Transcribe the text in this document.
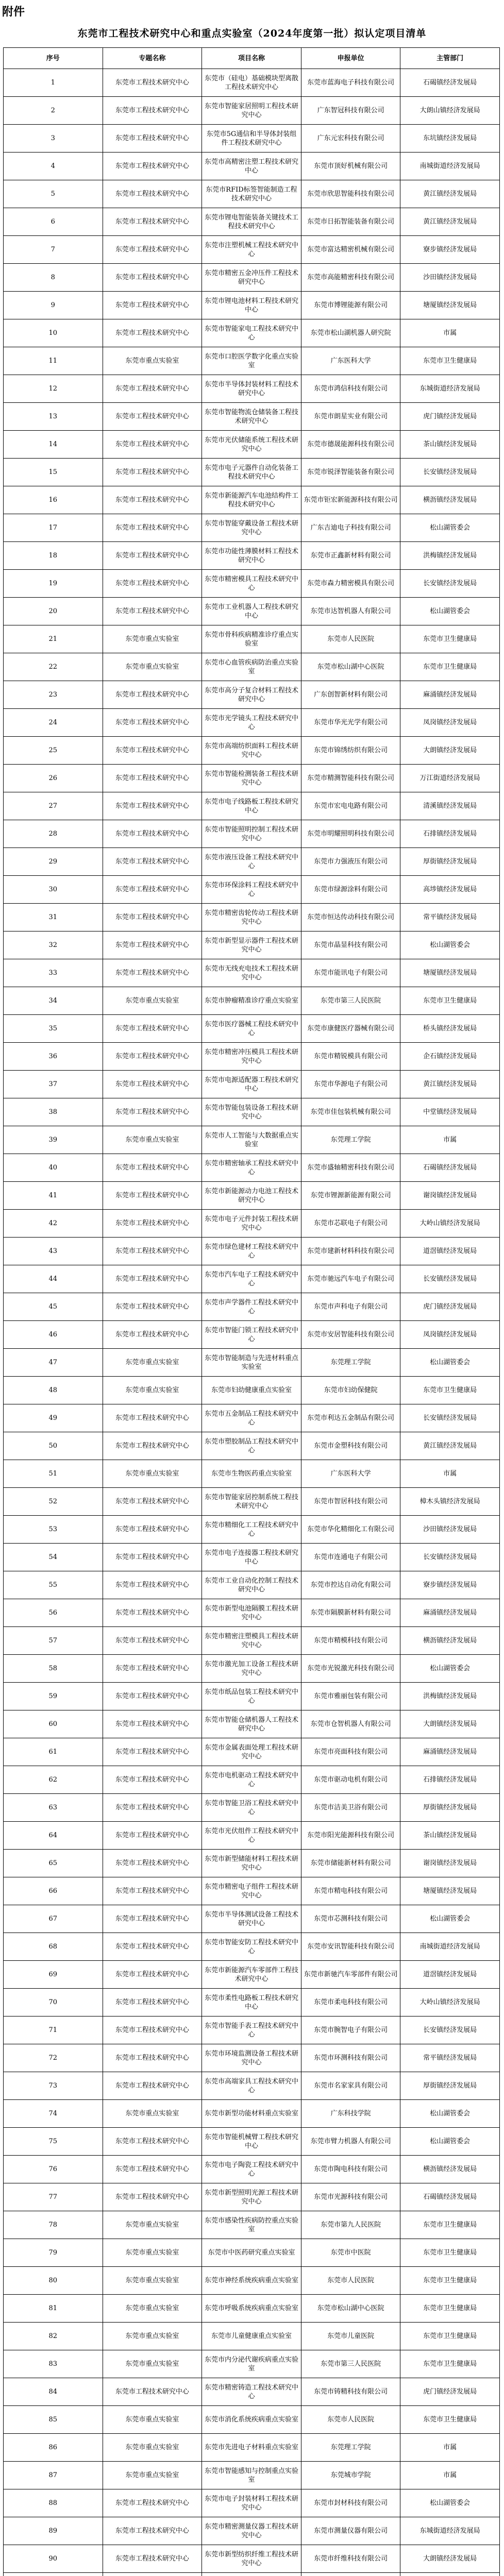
附件
东莞市工程技术研究中心和重点实验室（2024年度第一批）拟认定项目清单
序号	专题名称	项目名称	申报单位	主管部门
1	东莞市工程技术研究中心	东莞市（硅电）基础模块型离散工程技术研究中心	东莞市蓝海电子科技有限公司	石碣镇经济发展局
2	东莞市工程技术研究中心	东莞市智能家居照明工程技术研究中心	广东智冠科技有限公司	大朗山镇经济发展局
3	东莞市工程技术研究中心	东莞市5G通信和半导体封装组件工程技术研究中心	广东元宏科技有限公司	东坑镇经济发展局
4	东莞市工程技术研究中心	东莞市高精密注塑工程技术研究中心	东莞市顶好机械有限公司	南城街道经济发展局
5	东莞市工程技术研究中心	东莞市RFID标签智能制造工程技术研究中心	东莞市欣思智能科技有限公司	黄江镇经济发展局
6	东莞市工程技术研究中心	东莞市锂电智能装备关键技术工程技术研究中心	东莞市日拓智能装备有限公司	黄江镇经济发展局
7	东莞市工程技术研究中心	东莞市注塑机械工程技术研究中心	东莞市富达精密机械有限公司	寮步镇经济发展局
8	东莞市工程技术研究中心	东莞市精密五金冲压件工程技术研究中心	东莞市高能精密科技有限公司	沙田镇经济发展局
9	东莞市工程技术研究中心	东莞市锂电池材料工程技术研究中心	东莞市博锂能源有限公司	塘厦镇经济发展局
10	东莞市工程技术研究中心	东莞市智能家电工程技术研究中心	东莞市松山湖机器人研究院	市属
11	东莞市重点实验室	东莞市口腔医学数字化重点实验室	广东医科大学	东莞市卫生健康局
12	东莞市工程技术研究中心	东莞市半导体封装材料工程技术研究中心	东莞市鸿信科技有限公司	东城街道经济发展局
13	东莞市工程技术研究中心	东莞市智能物流仓储装备工程技术研究中心	东莞市朗星实业有限公司	虎门镇经济发展局
14	东莞市工程技术研究中心	东莞市光伏储能系统工程技术研究中心	东莞市德晟能源科技有限公司	茶山镇经济发展局
15	东莞市工程技术研究中心	东莞市电子元器件自动化装备工程技术研究中心	东莞市锐泽智能装备有限公司	长安镇经济发展局
16	东莞市工程技术研究中心	东莞市新能源汽车电池结构件工程技术研究中心	东莞市钜宏新能源科技有限公司	横沥镇经济发展局
17	东莞市工程技术研究中心	东莞市智能穿戴设备工程技术研究中心	广东吉迪电子科技有限公司	松山湖管委会
18	东莞市工程技术研究中心	东莞市功能性薄膜材料工程技术研究中心	东莞市正鑫新材料有限公司	洪梅镇经济发展局
19	东莞市工程技术研究中心	东莞市精密模具工程技术研究中心	东莞市森力精密模具有限公司	长安镇经济发展局
20	东莞市工程技术研究中心	东莞市工业机器人工程技术研究中心	东莞市达智机器人有限公司	松山湖管委会
21	东莞市重点实验室	东莞市骨科疾病精准诊疗重点实验室	东莞市人民医院	东莞市卫生健康局
22	东莞市重点实验室	东莞市心血管疾病防治重点实验室	东莞市松山湖中心医院	东莞市卫生健康局
23	东莞市工程技术研究中心	东莞市高分子复合材料工程技术研究中心	广东创智新材料有限公司	麻涌镇经济发展局
24	东莞市工程技术研究中心	东莞市光学镜头工程技术研究中心	东莞市华光光学有限公司	凤岗镇经济发展局
25	东莞市工程技术研究中心	东莞市高端纺织面料工程技术研究中心	东莞市锦绣纺织有限公司	大朗镇经济发展局
26	东莞市工程技术研究中心	东莞市智能检测装备工程技术研究中心	东莞市精测智能科技有限公司	万江街道经济发展局
27	东莞市工程技术研究中心	东莞市电子线路板工程技术研究中心	东莞市宏电电路有限公司	清溪镇经济发展局
28	东莞市工程技术研究中心	东莞市智能照明控制工程技术研究中心	东莞市明耀照明科技有限公司	石排镇经济发展局
29	东莞市工程技术研究中心	东莞市液压设备工程技术研究中心	东莞市力强液压有限公司	厚街镇经济发展局
30	东莞市工程技术研究中心	东莞市环保涂料工程技术研究中心	东莞市绿源涂料有限公司	高埗镇经济发展局
31	东莞市工程技术研究中心	东莞市精密齿轮传动工程技术研究中心	东莞市恒达传动科技有限公司	常平镇经济发展局
32	东莞市工程技术研究中心	东莞市新型显示器件工程技术研究中心	东莞市晶显科技有限公司	松山湖管委会
33	东莞市工程技术研究中心	东莞市无线充电技术工程技术研究中心	东莞市能讯电子有限公司	塘厦镇经济发展局
34	东莞市重点实验室	东莞市肿瘤精准诊疗重点实验室	东莞市第三人民医院	东莞市卫生健康局
35	东莞市工程技术研究中心	东莞市医疗器械工程技术研究中心	东莞市康健医疗器械有限公司	桥头镇经济发展局
36	东莞市工程技术研究中心	东莞市精密冲压模具工程技术研究中心	东莞市精锐模具有限公司	企石镇经济发展局
37	东莞市工程技术研究中心	东莞市电源适配器工程技术研究中心	东莞市华源电子有限公司	黄江镇经济发展局
38	东莞市工程技术研究中心	东莞市智能包装设备工程技术研究中心	东莞市佳包装机械有限公司	中堂镇经济发展局
39	东莞市重点实验室	东莞市人工智能与大数据重点实验室	东莞理工学院	市属
40	东莞市工程技术研究中心	东莞市精密轴承工程技术研究中心	东莞市盛轴精密科技有限公司	石碣镇经济发展局
41	东莞市工程技术研究中心	东莞市新能源动力电池工程技术研究中心	东莞市锂源新能源有限公司	谢岗镇经济发展局
42	东莞市工程技术研究中心	东莞市电子元件封装工程技术研究中心	东莞市芯联电子有限公司	大岭山镇经济发展局
43	东莞市工程技术研究中心	东莞市绿色建材工程技术研究中心	东莞市建新材料科技有限公司	道滘镇经济发展局
44	东莞市工程技术研究中心	东莞市汽车电子工程技术研究中心	东莞市驰远汽车电子有限公司	长安镇经济发展局
45	东莞市工程技术研究中心	东莞市声学器件工程技术研究中心	东莞市声科电子有限公司	虎门镇经济发展局
46	东莞市工程技术研究中心	东莞市智能门锁工程技术研究中心	东莞市安居智能科技有限公司	凤岗镇经济发展局
47	东莞市重点实验室	东莞市智能制造与先进材料重点实验室	东莞理工学院	松山湖管委会
48	东莞市重点实验室	东莞市妇幼健康重点实验室	东莞市妇幼保健院	东莞市卫生健康局
49	东莞市工程技术研究中心	东莞市五金制品工程技术研究中心	东莞市利达五金制品有限公司	长安镇经济发展局
50	东莞市工程技术研究中心	东莞市塑胶制品工程技术研究中心	东莞市金塑科技有限公司	黄江镇经济发展局
51	东莞市重点实验室	东莞市生物医药重点实验室	广东医科大学	市属
52	东莞市工程技术研究中心	东莞市智能家居控制系统工程技术研究中心	东莞市智居科技有限公司	樟木头镇经济发展局
53	东莞市工程技术研究中心	东莞市精细化工工程技术研究中心	东莞市华化精细化工有限公司	沙田镇经济发展局
54	东莞市工程技术研究中心	东莞市电子连接器工程技术研究中心	东莞市连通电子有限公司	长安镇经济发展局
55	东莞市工程技术研究中心	东莞市工业自动化控制工程技术研究中心	东莞市控达自动化有限公司	寮步镇经济发展局
56	东莞市工程技术研究中心	东莞市新型电池隔膜工程技术研究中心	东莞市隔膜新材料有限公司	麻涌镇经济发展局
57	东莞市工程技术研究中心	东莞市精密注塑模具工程技术研究中心	东莞市精模科技有限公司	横沥镇经济发展局
58	东莞市工程技术研究中心	东莞市激光加工设备工程技术研究中心	东莞市光锐激光科技有限公司	松山湖管委会
59	东莞市工程技术研究中心	东莞市纸品包装工程技术研究中心	东莞市雅丽包装有限公司	洪梅镇经济发展局
60	东莞市工程技术研究中心	东莞市智能仓储机器人工程技术研究中心	东莞市仓智机器人有限公司	大朗镇经济发展局
61	东莞市工程技术研究中心	东莞市金属表面处理工程技术研究中心	东莞市亮面科技有限公司	麻涌镇经济发展局
62	东莞市工程技术研究中心	东莞市电机驱动工程技术研究中心	东莞市驱动电机有限公司	石排镇经济发展局
63	东莞市工程技术研究中心	东莞市智能卫浴工程技术研究中心	东莞市洁美卫浴有限公司	厚街镇经济发展局
64	东莞市工程技术研究中心	东莞市光伏组件工程技术研究中心	东莞市阳光能源科技有限公司	茶山镇经济发展局
65	东莞市工程技术研究中心	东莞市新型储能材料工程技术研究中心	东莞市储能新材料有限公司	谢岗镇经济发展局
66	东莞市工程技术研究中心	东莞市精密电子组件工程技术研究中心	东莞市精电科技有限公司	塘厦镇经济发展局
67	东莞市工程技术研究中心	东莞市半导体测试设备工程技术研究中心	东莞市芯测科技有限公司	松山湖管委会
68	东莞市工程技术研究中心	东莞市智能安防工程技术研究中心	东莞市安讯智能科技有限公司	南城街道经济发展局
69	东莞市工程技术研究中心	东莞市新能源汽车零部件工程技术研究中心	东莞市新驰汽车零部件有限公司	道滘镇经济发展局
70	东莞市工程技术研究中心	东莞市柔性电路板工程技术研究中心	东莞市柔电科技有限公司	大岭山镇经济发展局
71	东莞市工程技术研究中心	东莞市智能手表工程技术研究中心	东莞市腕智电子有限公司	长安镇经济发展局
72	东莞市工程技术研究中心	东莞市环境监测设备工程技术研究中心	东莞市环测科技有限公司	常平镇经济发展局
73	东莞市工程技术研究中心	东莞市高端家具工程技术研究中心	东莞市名家家具有限公司	厚街镇经济发展局
74	东莞市重点实验室	东莞市新型功能材料重点实验室	广东科技学院	松山湖管委会
75	东莞市工程技术研究中心	东莞市智能机械臂工程技术研究中心	东莞市臂力机器人有限公司	松山湖管委会
76	东莞市工程技术研究中心	东莞市电子陶瓷工程技术研究中心	东莞市陶电科技有限公司	横沥镇经济发展局
77	东莞市工程技术研究中心	东莞市新型照明光源工程技术研究中心	东莞市光源科技有限公司	石碣镇经济发展局
78	东莞市重点实验室	东莞市感染性疾病防控重点实验室	东莞市第九人民医院	东莞市卫生健康局
79	东莞市重点实验室	东莞市中医药研究重点实验室	东莞市中医院	东莞市卫生健康局
80	东莞市重点实验室	东莞市神经系统疾病重点实验室	东莞市人民医院	东莞市卫生健康局
81	东莞市重点实验室	东莞市呼吸系统疾病重点实验室	东莞市松山湖中心医院	东莞市卫生健康局
82	东莞市重点实验室	东莞市儿童健康重点实验室	东莞市儿童医院	东莞市卫生健康局
83	东莞市重点实验室	东莞市内分泌代谢疾病重点实验室	东莞市第三人民医院	东莞市卫生健康局
84	东莞市工程技术研究中心	东莞市精密铸造工程技术研究中心	东莞市铸精科技有限公司	虎门镇经济发展局
85	东莞市重点实验室	东莞市消化系统疾病重点实验室	东莞市人民医院	东莞市卫生健康局
86	东莞市重点实验室	东莞市先进电子材料重点实验室	东莞理工学院	市属
87	东莞市重点实验室	东莞市智能感知与控制重点实验室	东莞城市学院	市属
88	东莞市工程技术研究中心	东莞市电子封装材料工程技术研究中心	东莞市封材科技有限公司	松山湖管委会
89	东莞市工程技术研究中心	东莞市精密测量仪器工程技术研究中心	东莞市测量仪器有限公司	东城街道经济发展局
90	东莞市工程技术研究中心	东莞市新型纺织纤维工程技术研究中心	东莞市纤维科技有限公司	大朗镇经济发展局
